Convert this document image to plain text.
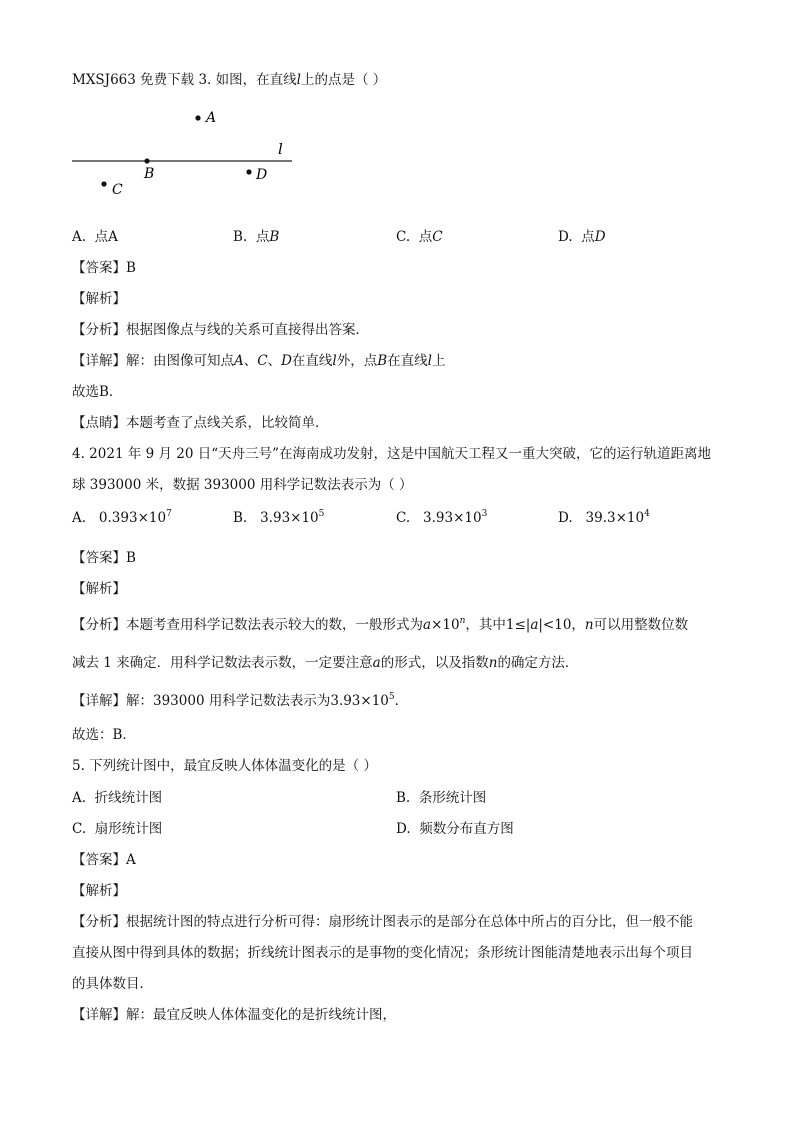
MXSJ663 免费下载 3. 如图，在直线l上的点是（ ）
A
B
C
D
l
A. 点A	B. 点B	C. 点C	D. 点D
【答案】B
【解析】
【分析】根据图像点与线的关系可直接得出答案．
【详解】解：由图像可知点A、C、D在直线l外，点B在直线l上
故选B．
【点睛】本题考查了点线关系，比较简单．
4. 2021 年 9 月 20 日“天舟三号”在海南成功发射，这是中国航天工程又一重大突破，它的运行轨道距离地
球 393000 米，数据 393000 用科学记数法表示为（ ）
A. $0.393\times 10^7$	B. $3.93\times 10^5$	C. $3.93\times 10^3$	D. $39.3\times 10^4$
【答案】B
【解析】
【分析】本题考查用科学记数法表示较大的数，一般形式为$a\times 10^n$，其中1≤|a|<10，n可以用整数位数
减去 1 来确定．用科学记数法表示数，一定要注意a的形式，以及指数n的确定方法．
【详解】解：393000 用科学记数法表示为$3.93\times 10^5$．
故选：B．
5. 下列统计图中，最宜反映人体体温变化的是（ ）
A. 折线统计图	B. 条形统计图
C. 扇形统计图	D. 频数分布直方图
【答案】A
【解析】
【分析】根据统计图的特点进行分析可得：扇形统计图表示的是部分在总体中所占的百分比，但一般不能
直接从图中得到具体的数据；折线统计图表示的是事物的变化情况；条形统计图能清楚地表示出每个项目
的具体数目．
【详解】解：最宜反映人体体温变化的是折线统计图，
